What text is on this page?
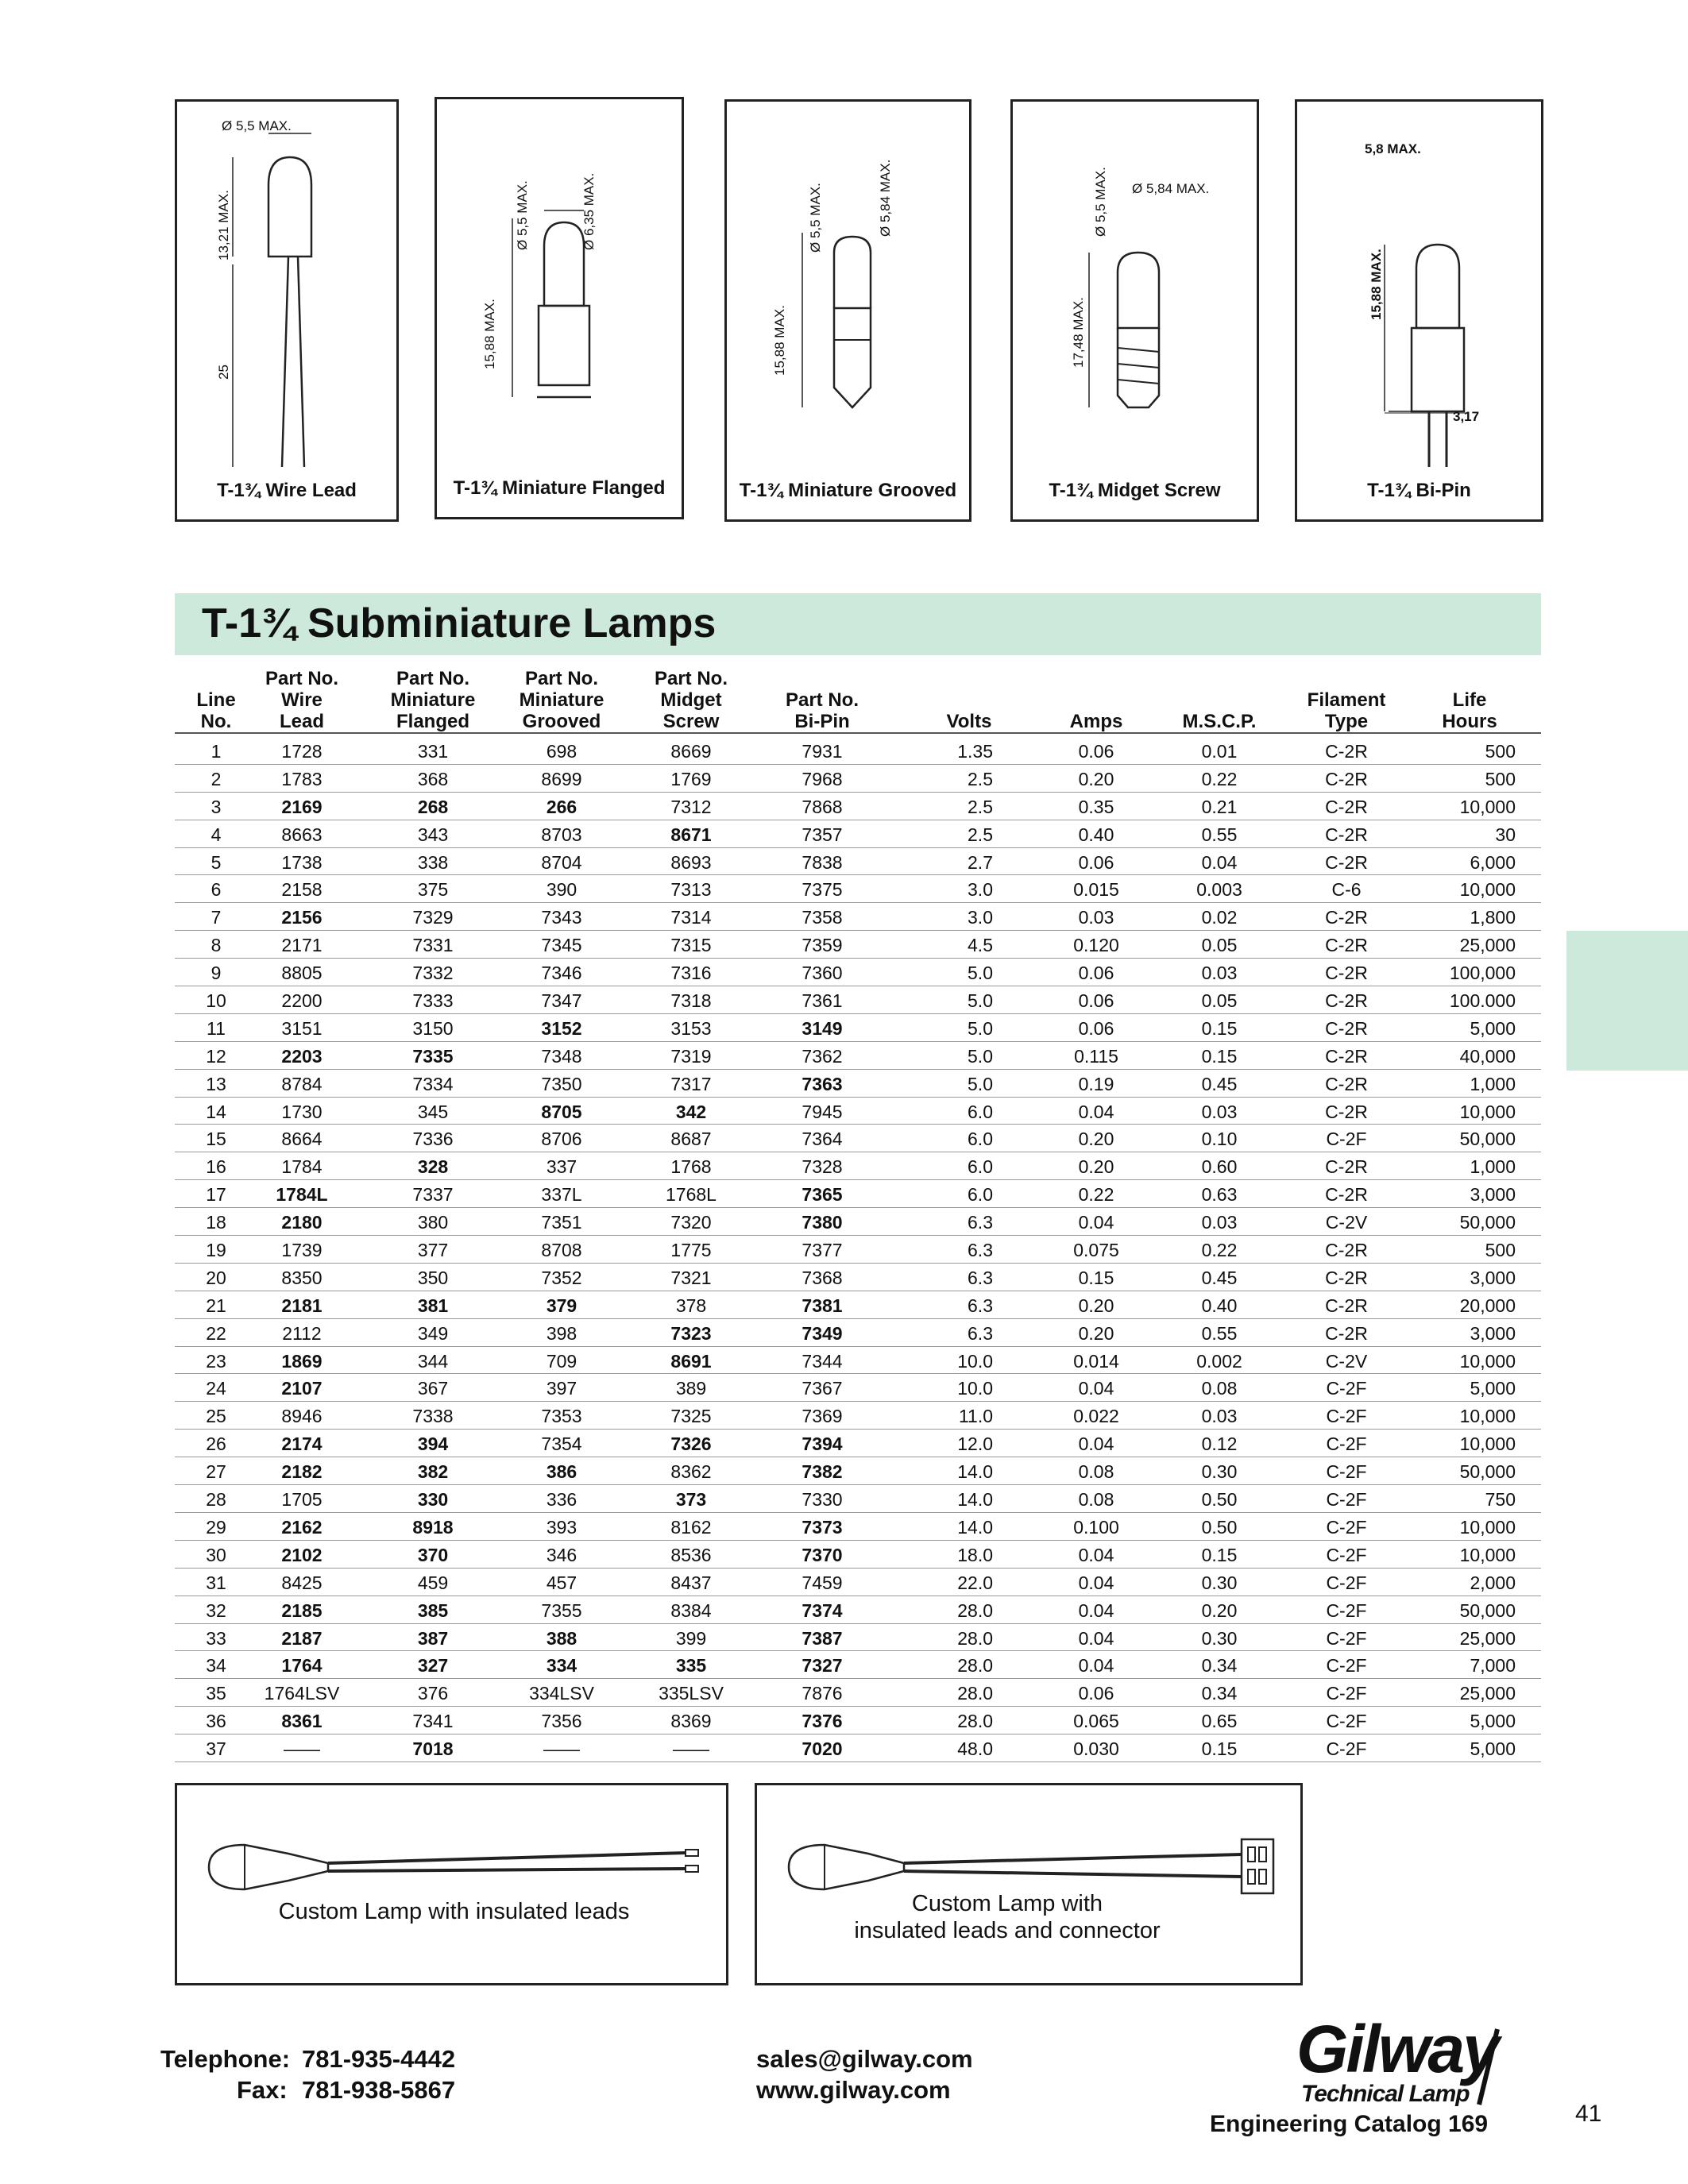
Ø 5,5 MAX.
13,21 MAX.
25
T-1¾ Wire Lead
Ø 6,35 MAX.
Ø 5,5 MAX.
15,88 MAX.
T-1¾ Miniature Flanged
Ø 5,84 MAX.
Ø 5,5 MAX.
15,88 MAX.
T-1¾ Miniature Grooved
Ø 5,84 MAX.
Ø 5,5 MAX.
17,48 MAX.
T-1¾ Midget Screw
5,8 MAX.
15,88 MAX.
3,17
T-1¾ Bi-Pin
T-1¾ Subminiature Lamps
Line
No.
Part No.
Wire
Lead
Part No.
Miniature
Flanged
Part No.
Miniature
Grooved
Part No.
Midget
Screw
Part No.
Bi-Pin	Volts	Amps	M.S.C.P.
Filament
Type
Life
Hours
1	1728	331	698	8669	7931	1.35	0.06	0.01	C-2R	500
2	1783	368	8699	1769	7968	2.5	0.20	0.22	C-2R	500
3	2169	268	266	7312	7868	2.5	0.35	0.21	C-2R	10,000
4	8663	343	8703	8671	7357	2.5	0.40	0.55	C-2R	30
5	1738	338	8704	8693	7838	2.7	0.06	0.04	C-2R	6,000
6	2158	375	390	7313	7375	3.0	0.015	0.003	C-6	10,000
7	2156	7329	7343	7314	7358	3.0	0.03	0.02	C-2R	1,800
8	2171	7331	7345	7315	7359	4.5	0.120	0.05	C-2R	25,000
9	8805	7332	7346	7316	7360	5.0	0.06	0.03	C-2R	100,000
10	2200	7333	7347	7318	7361	5.0	0.06	0.05	C-2R	100.000
11	3151	3150	3152	3153	3149	5.0	0.06	0.15	C-2R	5,000
12	2203	7335	7348	7319	7362	5.0	0.115	0.15	C-2R	40,000
13	8784	7334	7350	7317	7363	5.0	0.19	0.45	C-2R	1,000
14	1730	345	8705	342	7945	6.0	0.04	0.03	C-2R	10,000
15	8664	7336	8706	8687	7364	6.0	0.20	0.10	C-2F	50,000
16	1784	328	337	1768	7328	6.0	0.20	0.60	C-2R	1,000
17	1784L	7337	337L	1768L	7365	6.0	0.22	0.63	C-2R	3,000
18	2180	380	7351	7320	7380	6.3	0.04	0.03	C-2V	50,000
19	1739	377	8708	1775	7377	6.3	0.075	0.22	C-2R	500
20	8350	350	7352	7321	7368	6.3	0.15	0.45	C-2R	3,000
21	2181	381	379	378	7381	6.3	0.20	0.40	C-2R	20,000
22	2112	349	398	7323	7349	6.3	0.20	0.55	C-2R	3,000
23	1869	344	709	8691	7344	10.0	0.014	0.002	C-2V	10,000
24	2107	367	397	389	7367	10.0	0.04	0.08	C-2F	5,000
25	8946	7338	7353	7325	7369	11.0	0.022	0.03	C-2F	10,000
26	2174	394	7354	7326	7394	12.0	0.04	0.12	C-2F	10,000
27	2182	382	386	8362	7382	14.0	0.08	0.30	C-2F	50,000
28	1705	330	336	373	7330	14.0	0.08	0.50	C-2F	750
29	2162	8918	393	8162	7373	14.0	0.100	0.50	C-2F	10,000
30	2102	370	346	8536	7370	18.0	0.04	0.15	C-2F	10,000
31	8425	459	457	8437	7459	22.0	0.04	0.30	C-2F	2,000
32	2185	385	7355	8384	7374	28.0	0.04	0.20	C-2F	50,000
33	2187	387	388	399	7387	28.0	0.04	0.30	C-2F	25,000
34	1764	327	334	335	7327	28.0	0.04	0.34	C-2F	7,000
35	1764LSV	376	334LSV	335LSV	7876	28.0	0.06	0.34	C-2F	25,000
36	8361	7341	7356	8369	7376	28.0	0.065	0.65	C-2F	5,000
37	——	7018	——	——	7020	48.0	0.030	0.15	C-2F	5,000
Custom Lamp with insulated leads	Custom Lamp with
insulated leads and connector
Telephone: 781-935-4442
Fax: 781-938-5867
sales@gilway.com
www.gilway.com
Gilway
Technical Lamp
Engineering Catalog 169	41
